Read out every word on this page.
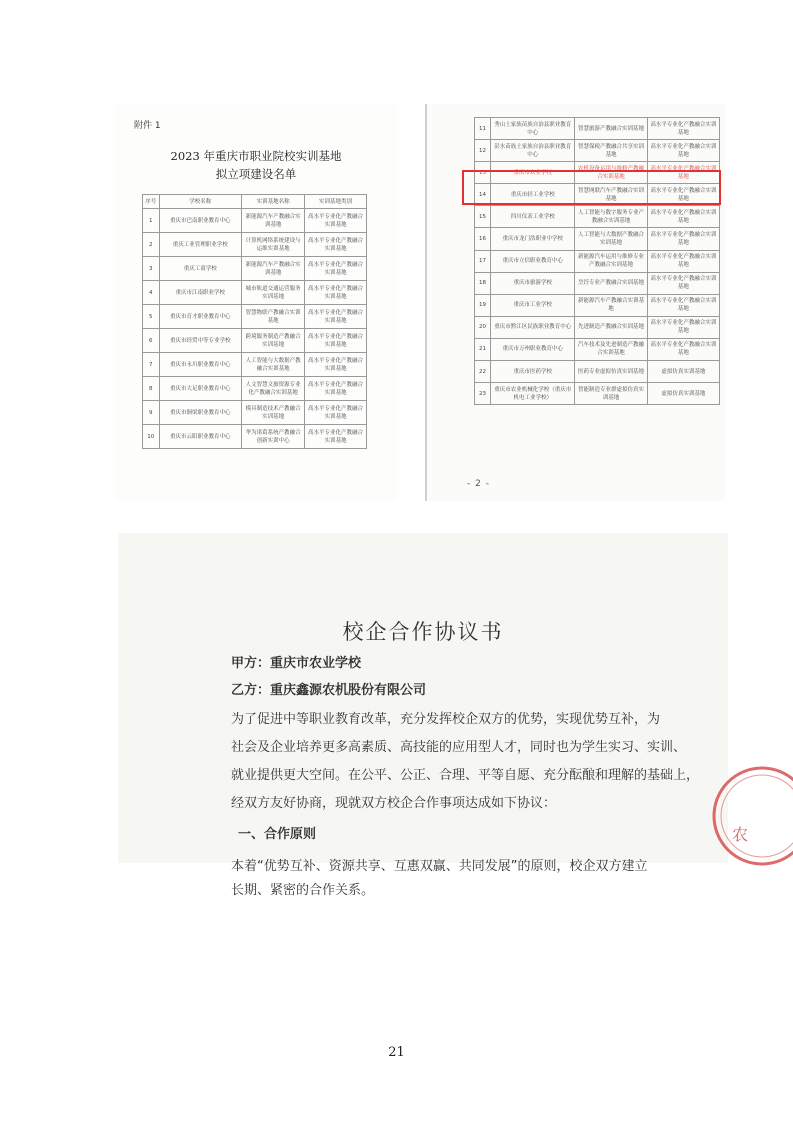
附件 1
2023 年重庆市职业院校实训基地
拟立项建设名单
序号	学校名称	实训基地名称	实训基地类别
1	重庆市巴南职业教育中心	新能源汽车产教融合实训基地	高水平专业化产教融合实训基地
2	重庆工业管理职业学校	计算机网络系统建设与运维实训基地	高水平专业化产教融合实训基地
3	重庆工商学校	新能源汽车产教融合实训基地	高水平专业化产教融合实训基地
4	重庆市江南职业学校	城市轨道交通运营服务实训基地	高水平专业化产教融合实训基地
5	重庆市育才职业教育中心	智慧物联产教融合实训基地	高水平专业化产教融合实训基地
6	重庆市经贸中等专业学校	跨境服务制造产教融合实训基地	高水平专业化产教融合实训基地
7	重庆市永川职业教育中心	人工智能与大数据产教融合实训基地	高水平专业化产教融合实训基地
8	重庆市大足职业教育中心	人文智慧文旅资源专业化产教融合实训基地	高水平专业化产教融合实训基地
9	重庆市铜梁职业教育中心	模具制造技术产教融合实训基地	高水平专业化产教融合实训基地
10	重庆市云阳职业教育中心	华为诸葛系统产教融合创新实训中心	高水平专业化产教融合实训基地
11	秀山土家族苗族自治县职业教育中心	智慧旅游产教融合实训基地	高水平专业化产教融合实训基地
12	彭水苗族土家族自治县职业教育中心	智慧保税产教融合共享实训基地	高水平专业化产教融合实训基地
13	重庆市农业学校	农机设备运用与维修产教融合实训基地	高水平专业化产教融合实训基地
14	重庆市轻工业学校	智慧网联汽车产教融合实训基地	高水平专业化产教融合实训基地
15	四川仪表工业学校	人工智能与数字服务专业产教融合实训基地	高水平专业化产教融合实训基地
16	重庆市龙门浩职业中学校	人工智能与大数据产教融合实训基地	高水平专业化产教融合实训基地
17	重庆市立信职业教育中心	新能源汽车运用与维修专业产教融合实训基地	高水平专业化产教融合实训基地
18	重庆市旅游学校	烹饪专业产教融合实训基地	高水平专业化产教融合实训基地
19	重庆市工业学校	新能源汽车产教融合实训基地	高水平专业化产教融合实训基地
20	重庆市黔江区民族职业教育中心	先进制造产教融合实训基地	高水平专业化产教融合实训基地
21	重庆市万州职业教育中心	汽车技术及先进制造产教融合实训基地	高水平专业化产教融合实训基地
22	重庆市医药学校	医药专业虚拟仿真实训基地	虚拟仿真实训基地
23	重庆市农业机械化学校（重庆市机电工业学校）	智能制造专业群虚拟仿真实训基地	虚拟仿真实训基地
- 2 -
校企合作协议书
甲方：重庆市农业学校
乙方：重庆鑫源农机股份有限公司
为了促进中等职业教育改革，充分发挥校企双方的优势，实现优势互补，为
社会及企业培养更多高素质、高技能的应用型人才，同时也为学生实习、实训、
就业提供更大空间。在公平、公正、合理、平等自愿、充分酝酿和理解的基础上，
经双方友好协商，现就双方校企合作事项达成如下协议：
一、合作原则
本着“优势互补、资源共享、互惠双赢、共同发展”的原则，校企双方建立
长期、紧密的合作关系。
农
21
